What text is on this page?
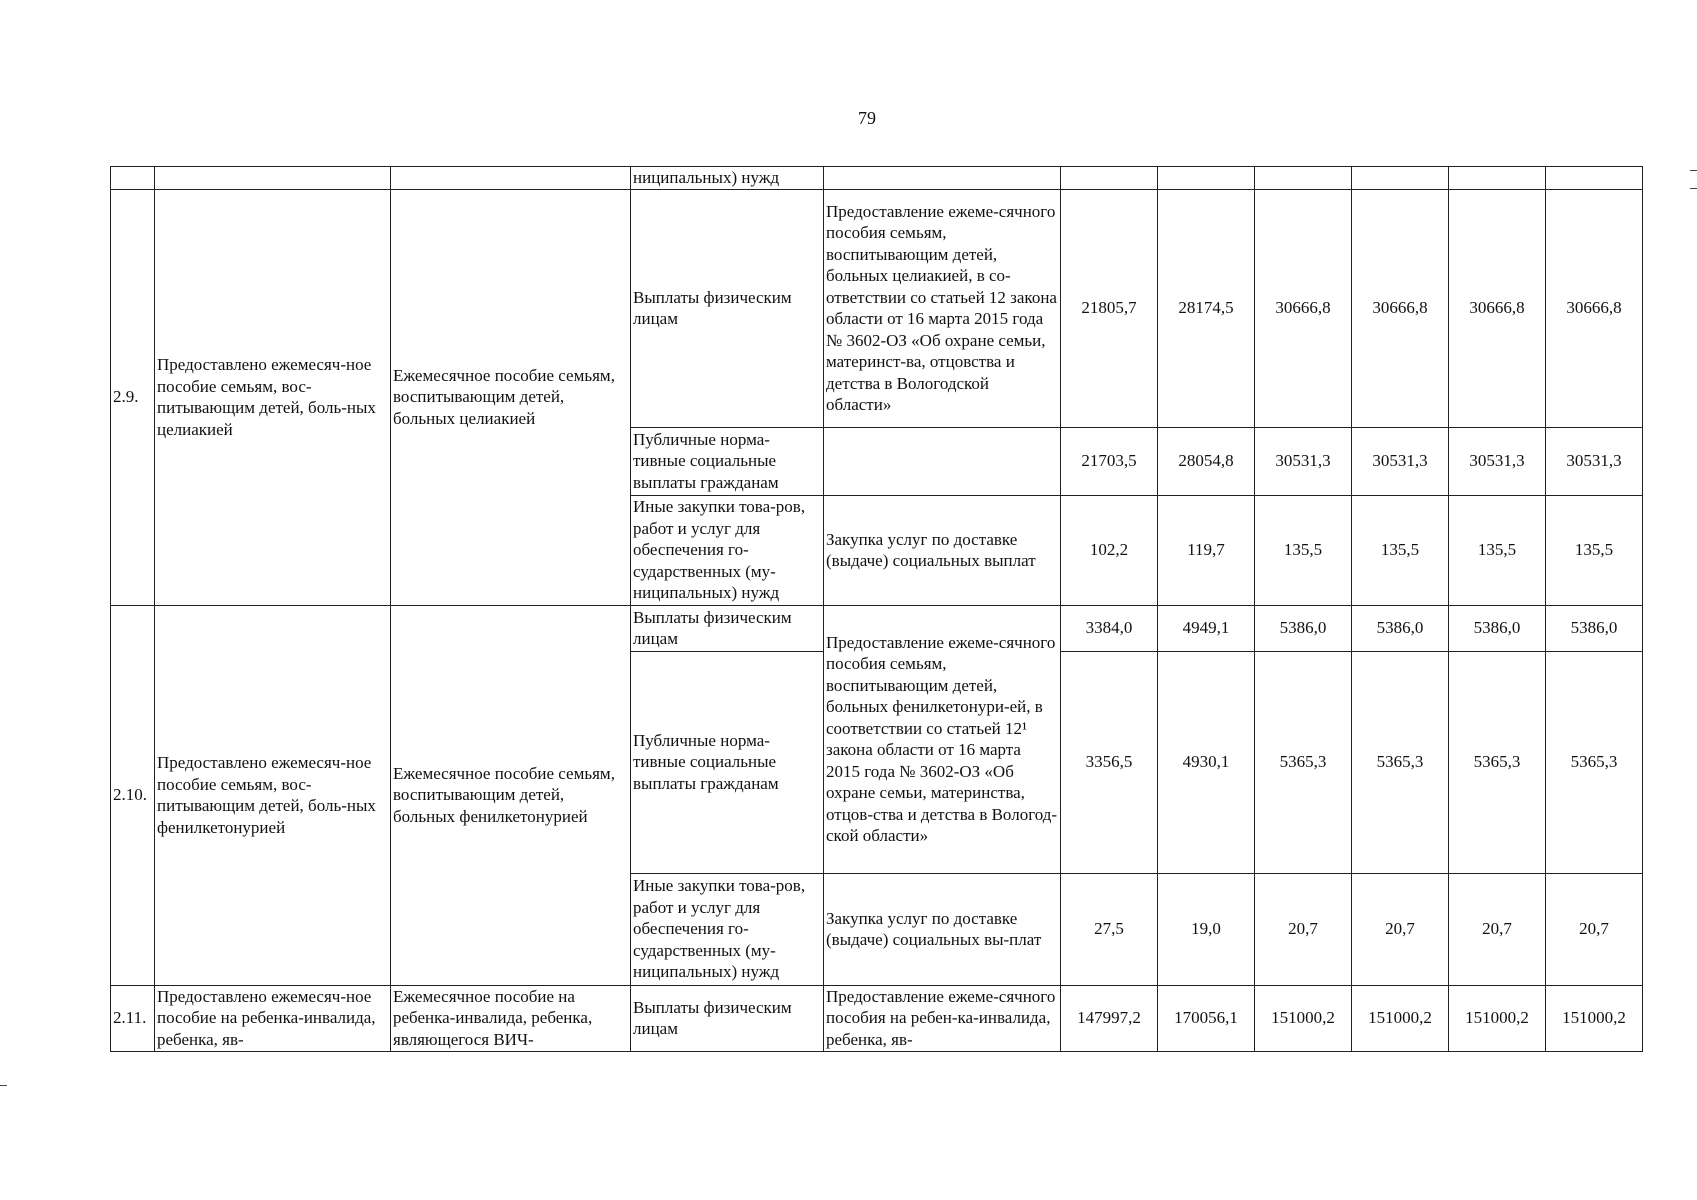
79
			ниципальных) нужд							
2.9.	Предоставлено ежемесяч-ное пособие семьям, вос-питывающим детей, боль-ных целиакией	Ежемесячное пособие семьям, воспитывающим детей, больных целиакией	Выплаты физическим лицам	Предоставление ежеме-сячного пособия семьям, воспитывающим детей, больных целиакией, в со-ответствии со статьей 12 закона области от 16 марта 2015 года № 3602-ОЗ «Об охране семьи, материнст-ва, отцовства и детства в Вологодской области»	21805,7	28174,5	30666,8	30666,8	30666,8	30666,8
			Публичные норма-тивные социальные выплаты гражданам		21703,5	28054,8	30531,3	30531,3	30531,3	30531,3
			Иные закупки това-ров, работ и услуг для обеспечения го-сударственных (му-ниципальных) нужд	Закупка услуг по доставке (выдаче) социальных выплат	102,2	119,7	135,5	135,5	135,5	135,5
2.10.	Предоставлено ежемесяч-ное пособие семьям, вос-питывающим детей, боль-ных фенилкетонурией	Ежемесячное пособие семьям, воспитывающим детей, больных фенилкетонурией	Выплаты физическим лицам	Предоставление ежеме-сячного пособия семьям, воспитывающим детей, больных фенилкетонури-ей, в соответствии со статьей 12¹ закона области от 16 марта 2015 года № 3602-ОЗ «Об охране семьи, материнства, отцов-ства и детства в Вологод-ской области»	3384,0	4949,1	5386,0	5386,0	5386,0	5386,0
			Публичные норма-тивные социальные выплаты гражданам		3356,5	4930,1	5365,3	5365,3	5365,3	5365,3
			Иные закупки това-ров, работ и услуг для обеспечения го-сударственных (му-ниципальных) нужд	Закупка услуг по доставке (выдаче) социальных вы-плат	27,5	19,0	20,7	20,7	20,7	20,7
2.11.	Предоставлено ежемесяч-ное пособие на ребенка-инвалида, ребенка, яв-	Ежемесячное пособие на ребенка-инвалида, ребенка, являющегося ВИЧ-	Выплаты физическим лицам	Предоставление ежеме-сячного пособия на ребен-ка-инвалида, ребенка, яв-	147997,2	170056,1	151000,2	151000,2	151000,2	151000,2
